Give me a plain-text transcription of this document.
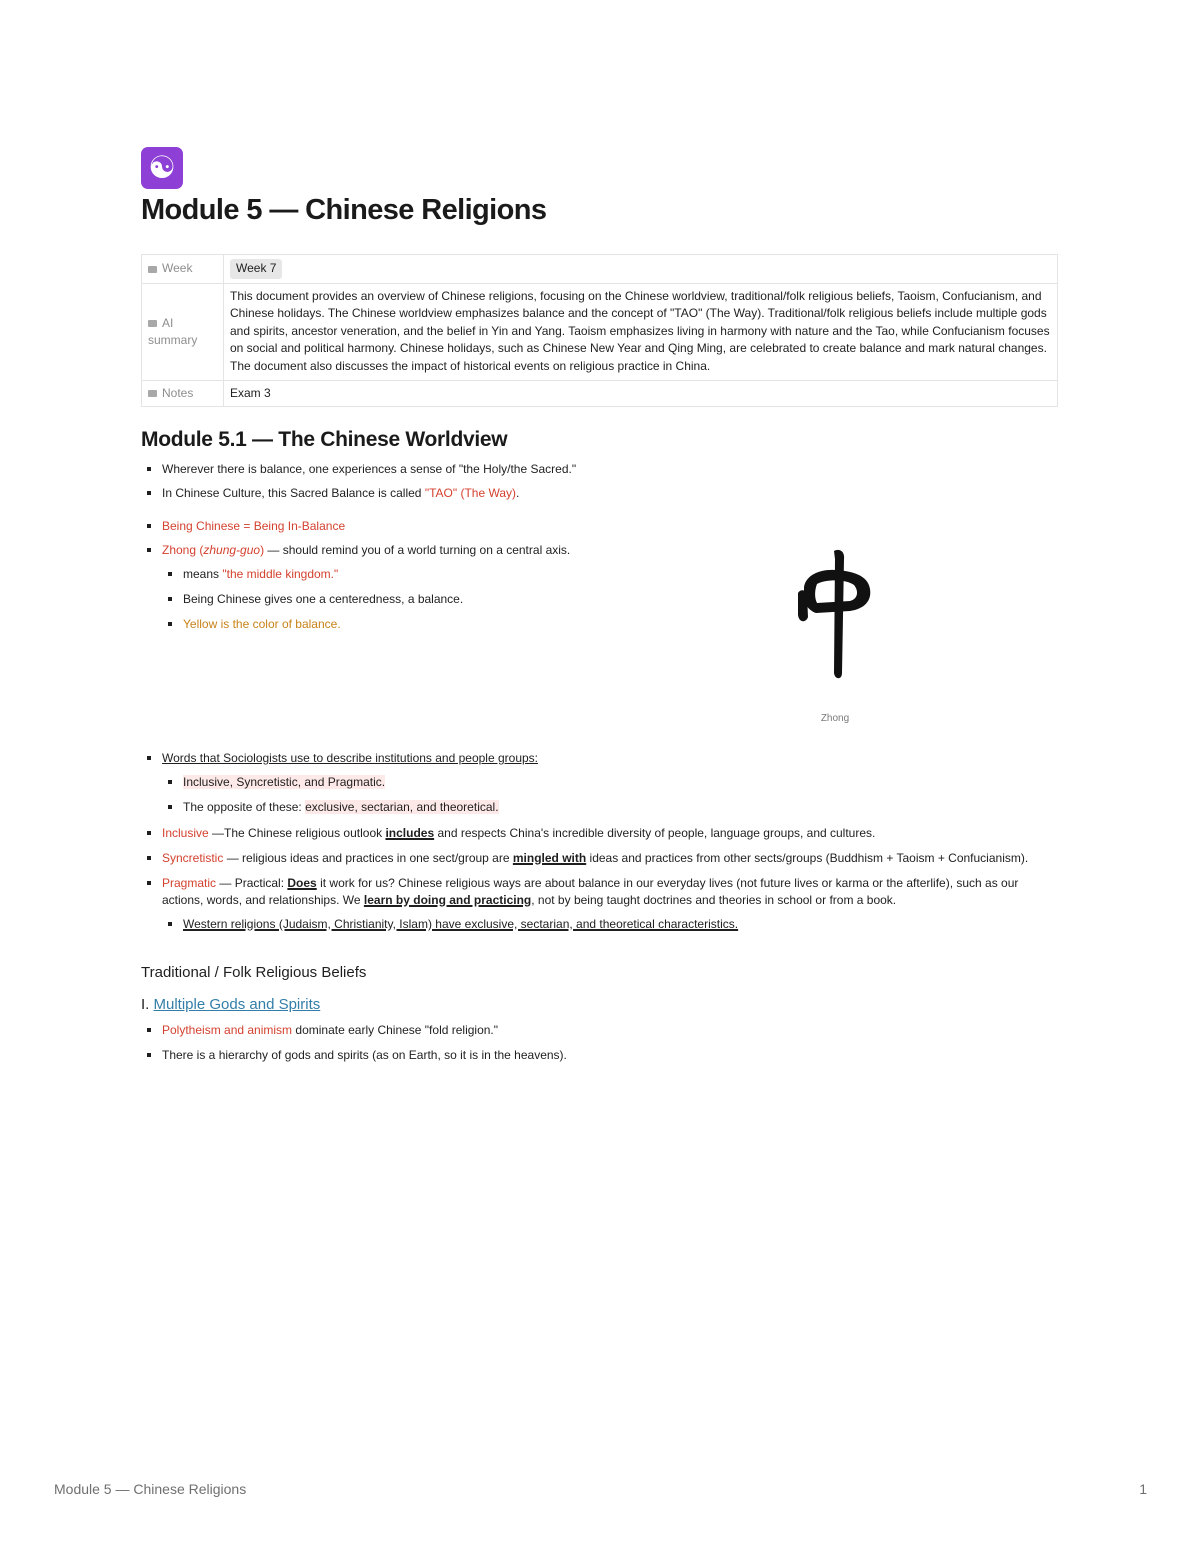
☯
Module 5 — Chinese Religions
Week	Week 7
AI summary	This document provides an overview of Chinese religions, focusing on the Chinese worldview, traditional/folk religious beliefs, Taoism, Confucianism, and Chinese holidays. The Chinese worldview emphasizes balance and the concept of "TAO" (The Way). Traditional/folk religious beliefs include multiple gods and spirits, ancestor veneration, and the belief in Yin and Yang. Taoism emphasizes living in harmony with nature and the Tao, while Confucianism focuses on social and political harmony. Chinese holidays, such as Chinese New Year and Qing Ming, are celebrated to create balance and mark natural changes. The document also discusses the impact of historical events on religious practice in China.
Notes	Exam 3
Module 5.1 — The Chinese Worldview
Wherever there is balance, one experiences a sense of "the Holy/the Sacred."
In Chinese Culture, this Sacred Balance is called "TAO" (The Way).
Being Chinese = Being In-Balance
Zhong (zhung-guo) — should remind you of a world turning on a central axis.
means "the middle kingdom."
Being Chinese gives one a centeredness, a balance.
Yellow is the color of balance.
Zhong
Words that Sociologists use to describe institutions and people groups:
Inclusive, Syncretistic, and Pragmatic.
The opposite of these: exclusive, sectarian, and theoretical.
Inclusive —The Chinese religious outlook includes and respects China's incredible diversity of people, language groups, and cultures.
Syncretistic — religious ideas and practices in one sect/group are mingled with ideas and practices from other sects/groups (Buddhism + Taoism + Confucianism).
Pragmatic — Practical: Does it work for us? Chinese religious ways are about balance in our everyday lives (not future lives or karma or the afterlife), such as our actions, words, and relationships. We learn by doing and practicing, not by being taught doctrines and theories in school or from a book.
Western religions (Judaism, Christianity, Islam) have exclusive, sectarian, and theoretical characteristics.
Traditional / Folk Religious Beliefs
I. Multiple Gods and Spirits
Polytheism and animism dominate early Chinese "fold religion."
There is a hierarchy of gods and spirits (as on Earth, so it is in the heavens).
Module 5 — Chinese Religions	1
